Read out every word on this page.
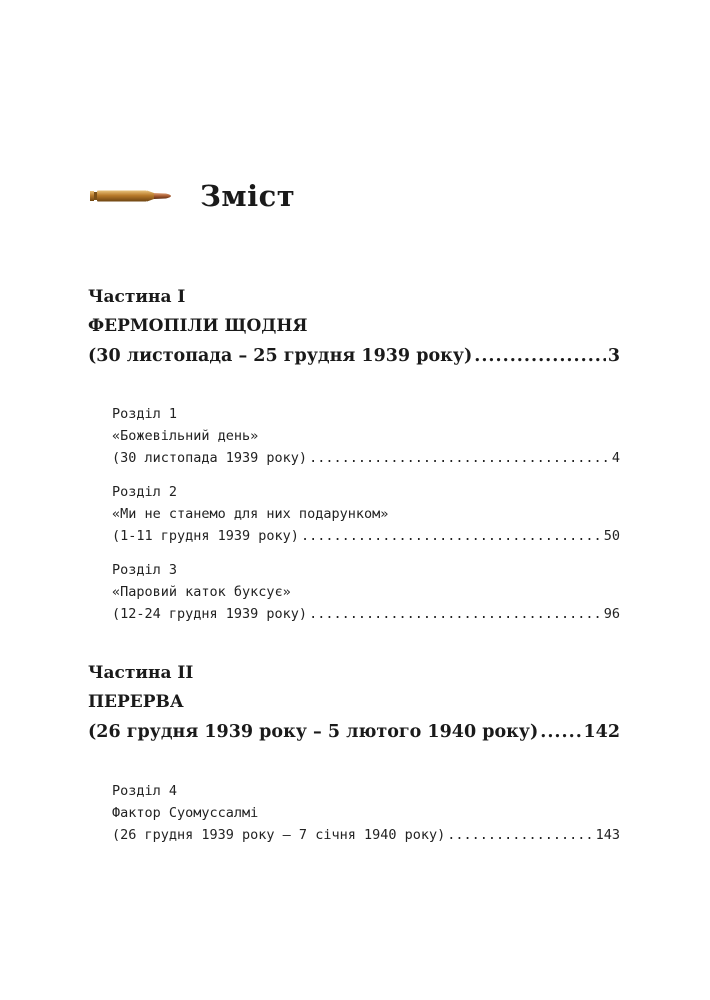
Зміст
Частина I
ФЕРМОПІЛИ ЩОДНЯ
(30 листопада – 25 грудня 1939 року) .....	3
Розділ 1
«Божевільний день»
(30 листопада 1939 року) .....	4
Розділ 2
«Ми не станемо для них подарунком»
(1-11 грудня 1939 року) .....	50
Розділ 3
«Паровий каток буксує»
(12-24 грудня 1939 року) .....	96
Частина II
ПЕРЕРВА
(26 грудня 1939 року – 5 лютого 1940 року) .....	142
Розділ 4
Фактор Суомуссалмі
(26 грудня 1939 року – 7 січня 1940 року) .....	143
